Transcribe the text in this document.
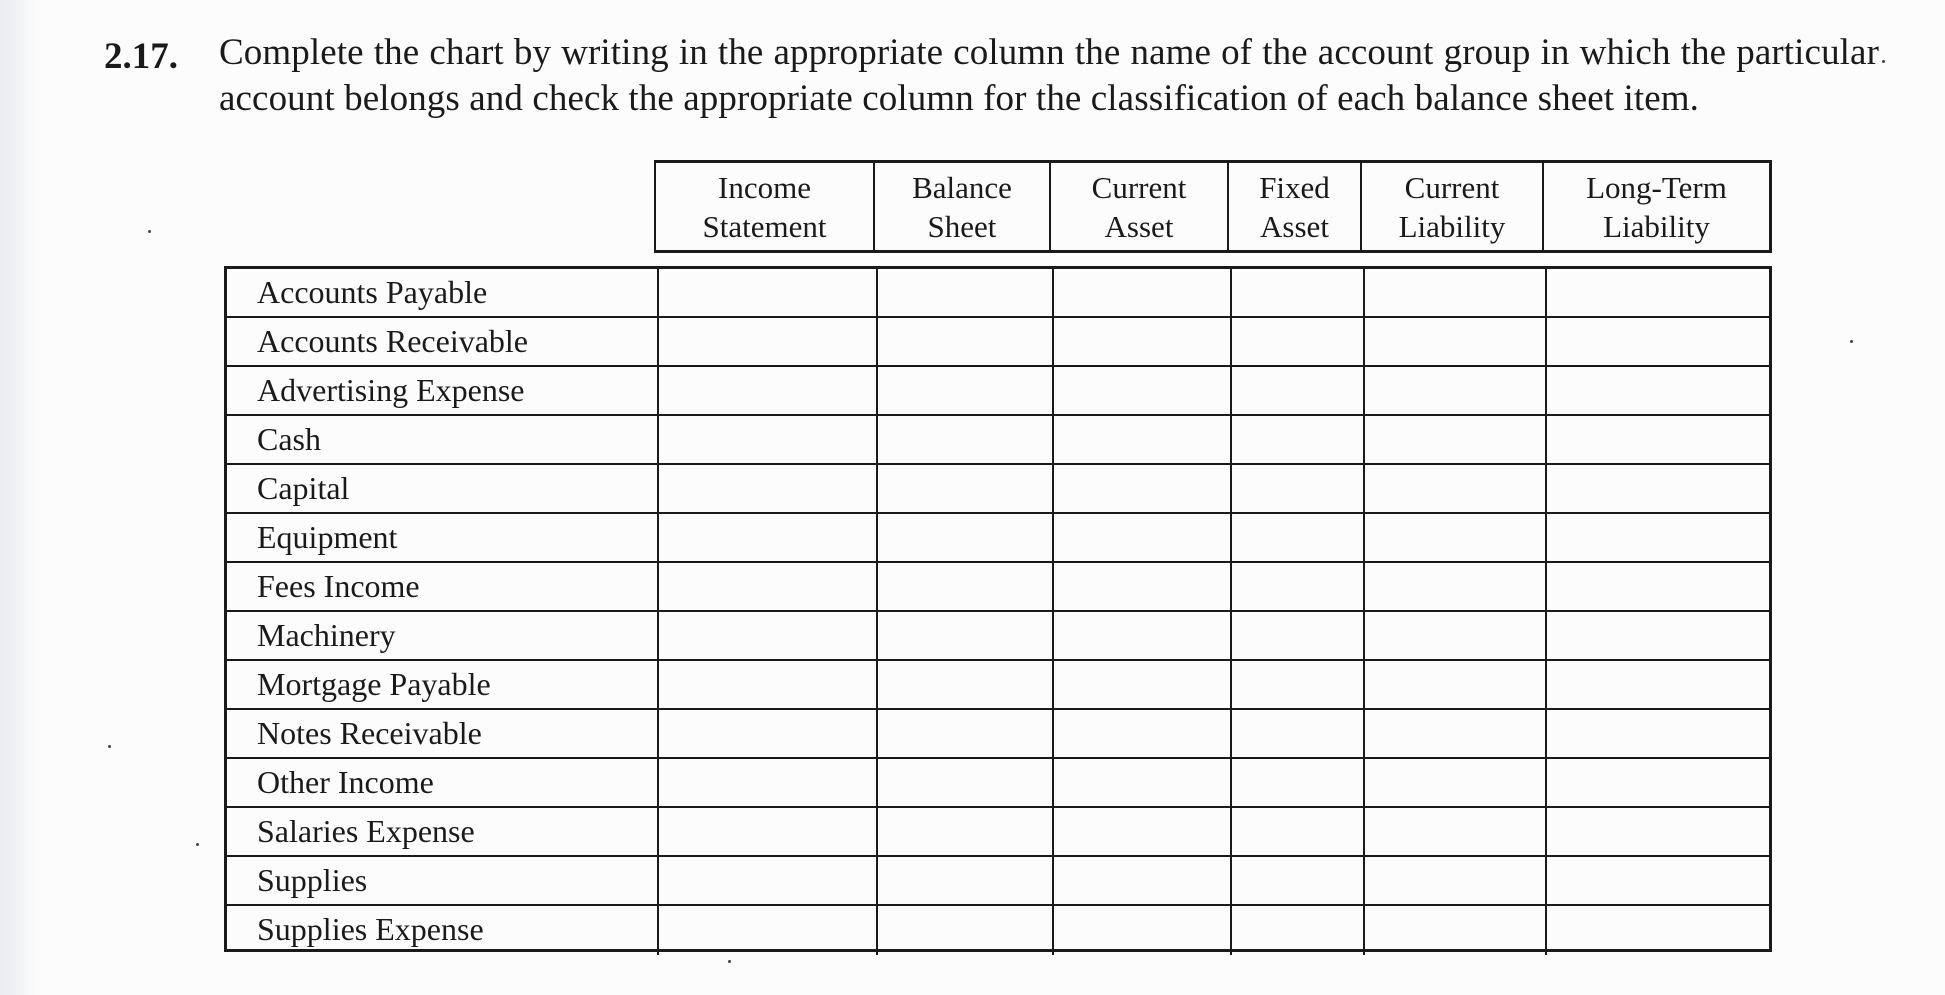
2.17. Complete the chart by writing in the appropriate column the name of the account group in which the particular account belongs and check the appropriate column for the classification of each balance sheet item.
Income
Statement
Balance
Sheet
Current
Asset
Fixed
Asset
Current
Liability
Long-Term
Liability
Accounts Payable
Accounts Receivable
Advertising Expense
Cash
Capital
Equipment
Fees Income
Machinery
Mortgage Payable
Notes Receivable
Other Income
Salaries Expense
Supplies
Supplies Expense
